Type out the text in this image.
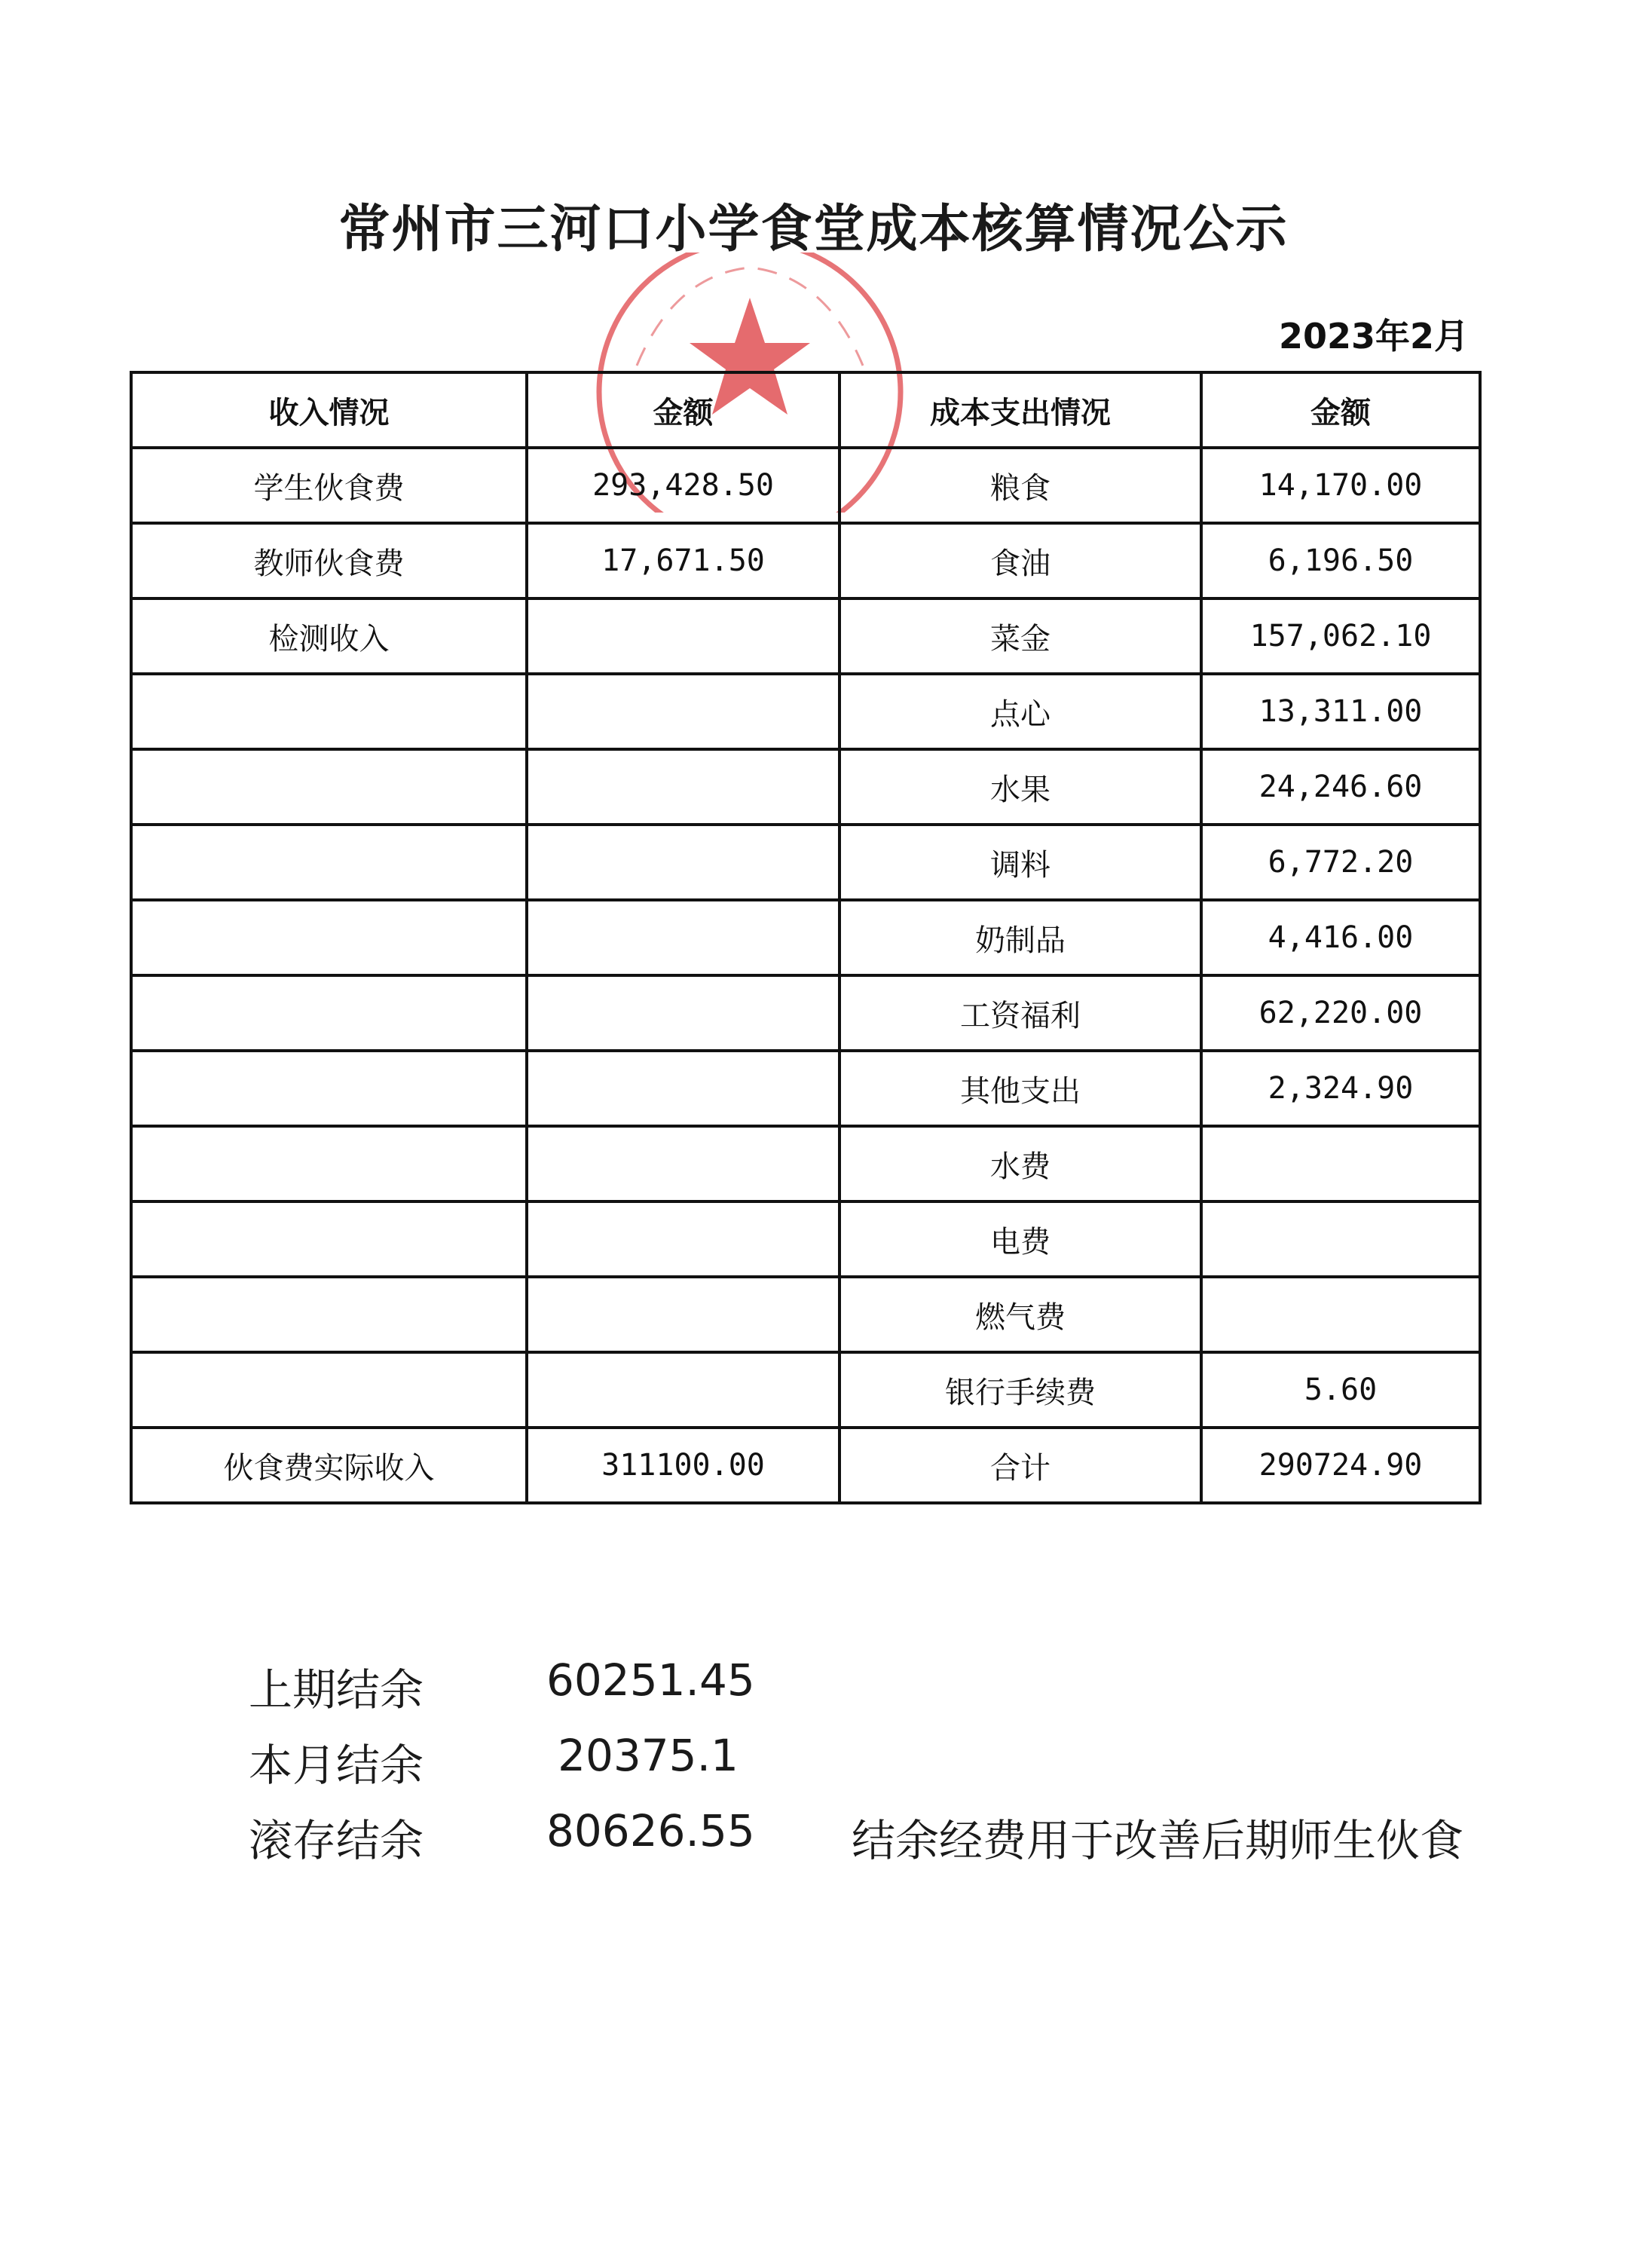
常州市三河口小学食堂成本核算情况公示
2023年2月
收入情况	金额	成本支出情况	金额
学生伙食费	293,428.50	粮食	14,170.00
教师伙食费	17,671.50	食油	6,196.50
检测收入		菜金	157,062.10
		点心	13,311.00
		水果	24,246.60
		调料	6,772.20
		奶制品	4,416.00
		工资福利	62,220.00
		其他支出	2,324.90
		水费	
		电费	
		燃气费	
		银行手续费	5.60
伙食费实际收入	311100.00	合计	290724.90
上期结余	60251.45
本月结余	20375.1
滚存结余	80626.55 结余经费用于改善后期师生伙食
